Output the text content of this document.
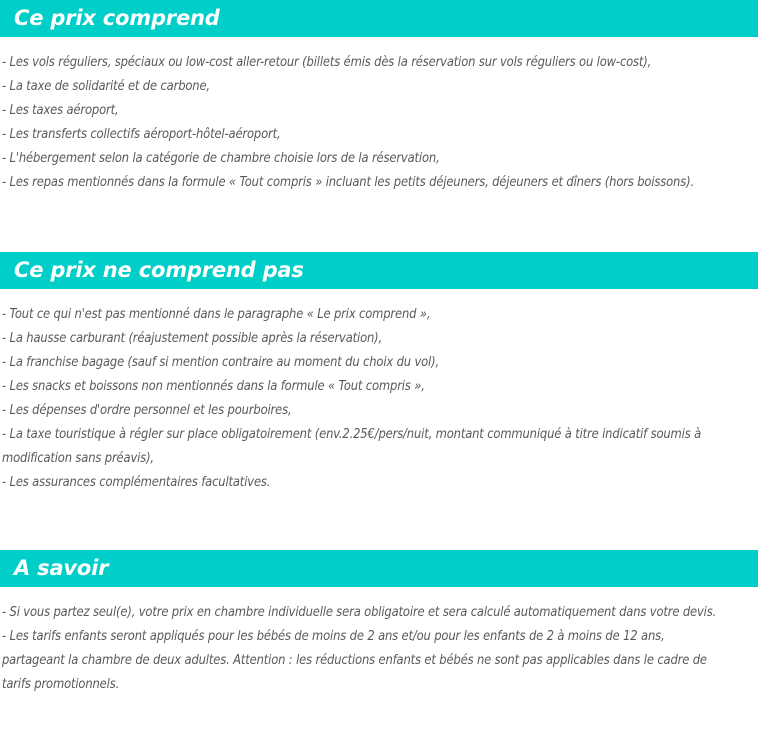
Ce prix comprend

- Les vols réguliers, spéciaux ou low-cost aller-retour (billets émis dès la réservation sur vols réguliers ou low-cost),

- La taxe de solidarité et de carbone,

- Les taxes aéroport,

- Les transferts collectifs aéroport-hôtel-aéroport,

- L'hébergement selon la catégorie de chambre choisie lors de la réservation,

- Les repas mentionnés dans la formule « Tout compris » incluant les petits déjeuners, déjeuners et dîners (hors boissons).

Ce prix ne comprend pas

- Tout ce qui n'est pas mentionné dans le paragraphe « Le prix comprend »,

- La hausse carburant (réajustement possible après la réservation),

- La franchise bagage (sauf si mention contraire au moment du choix du vol),

- Les snacks et boissons non mentionnés dans la formule « Tout compris »,

- Les dépenses d'ordre personnel et les pourboires,

- La taxe touristique à régler sur place obligatoirement (env.2.25€/pers/nuit, montant communiqué à titre indicatif soumis à modification sans préavis),

- Les assurances complémentaires facultatives.

A savoir

- Si vous partez seul(e), votre prix en chambre individuelle sera obligatoire et sera calculé automatiquement dans votre devis.

- Les tarifs enfants seront appliqués pour les bébés de moins de 2 ans et/ou pour les enfants de 2 à moins de 12 ans, partageant la chambre de deux adultes. Attention : les réductions enfants et bébés ne sont pas applicables dans le cadre de tarifs promotionnels.
